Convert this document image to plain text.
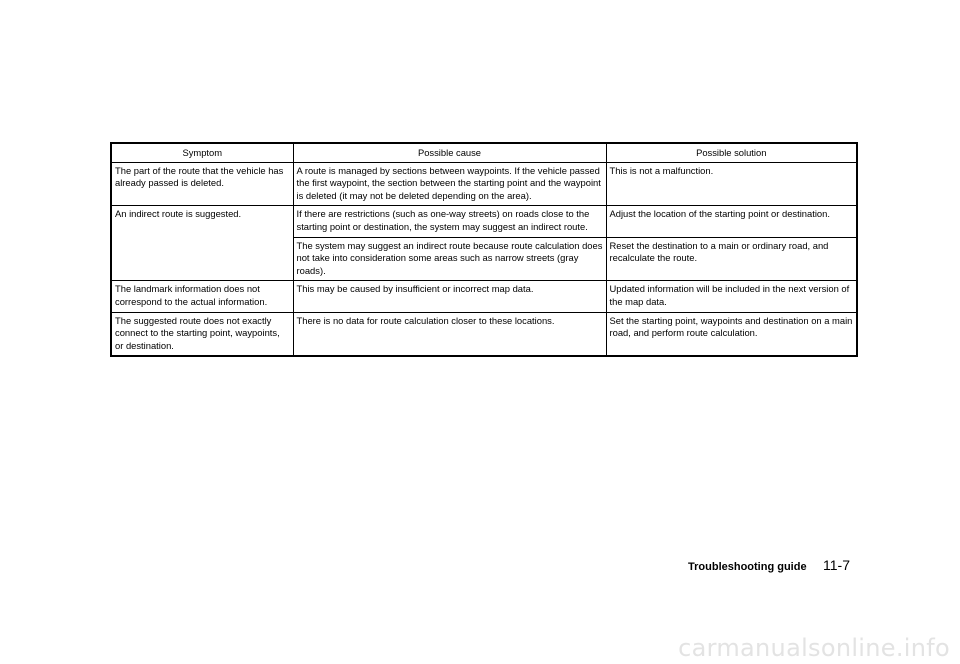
Symptom	Possible cause	Possible solution
The part of the route that the vehicle has already passed is deleted.	A route is managed by sections between waypoints. If the vehicle passed the first waypoint, the section between the starting point and the waypoint is deleted (it may not be deleted depending on the area).	This is not a malfunction.
An indirect route is suggested.	If there are restrictions (such as one-way streets) on roads close to the starting point or destination, the system may suggest an indirect route.	Adjust the location of the starting point or destination.
	The system may suggest an indirect route because route calculation does not take into consideration some areas such as narrow streets (gray roads).	Reset the destination to a main or ordinary road, and recalculate the route.
The landmark information does not correspond to the actual information.	This may be caused by insufficient or incorrect map data.	Updated information will be included in the next version of the map data.
The suggested route does not exactly connect to the starting point, waypoints, or destination.	There is no data for route calculation closer to these locations.	Set the starting point, waypoints and destination on a main road, and perform route calculation.
Troubleshooting guide 11-7
carmanualsonline.info
